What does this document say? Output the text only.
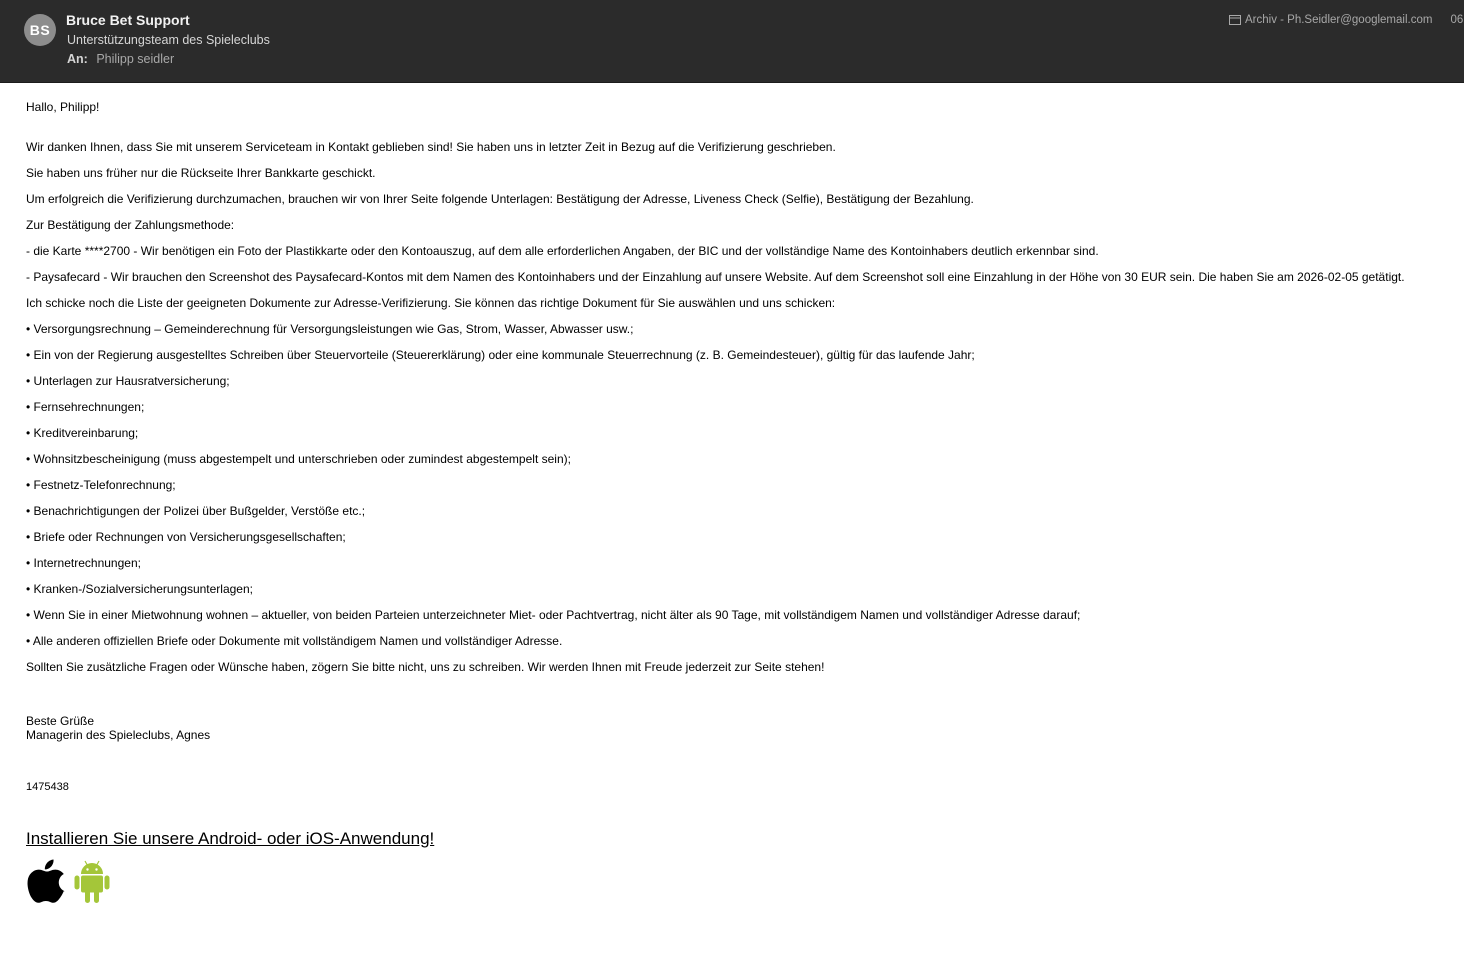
BS
Bruce Bet Support
Unterstützungsteam des Spieleclubs
An: Philipp seidler
Archiv - Ph.Seidler@googlemail.com 06

Hallo, Philipp!

Wir danken Ihnen, dass Sie mit unserem Serviceteam in Kontakt geblieben sind! Sie haben uns in letzter Zeit in Bezug auf die Verifizierung geschrieben.

Sie haben uns früher nur die Rückseite Ihrer Bankkarte geschickt.

Um erfolgreich die Verifizierung durchzumachen, brauchen wir von Ihrer Seite folgende Unterlagen: Bestätigung der Adresse, Liveness Check (Selfie), Bestätigung der Bezahlung.

Zur Bestätigung der Zahlungsmethode:

- die Karte ****2700 - Wir benötigen ein Foto der Plastikkarte oder den Kontoauszug, auf dem alle erforderlichen Angaben, der BIC und der vollständige Name des Kontoinhabers deutlich erkennbar sind.

- Paysafecard - Wir brauchen den Screenshot des Paysafecard-Kontos mit dem Namen des Kontoinhabers und der Einzahlung auf unsere Website. Auf dem Screenshot soll eine Einzahlung in der Höhe von 30 EUR sein. Die haben Sie am 2026-02-05 getätigt.

Ich schicke noch die Liste der geeigneten Dokumente zur Adresse-Verifizierung. Sie können das richtige Dokument für Sie auswählen und uns schicken:

• Versorgungsrechnung – Gemeinderechnung für Versorgungsleistungen wie Gas, Strom, Wasser, Abwasser usw.;

• Ein von der Regierung ausgestelltes Schreiben über Steuervorteile (Steuererklärung) oder eine kommunale Steuerrechnung (z. B. Gemeindesteuer), gültig für das laufende Jahr;

• Unterlagen zur Hausratversicherung;

• Fernsehrechnungen;

• Kreditvereinbarung;

• Wohnsitzbescheinigung (muss abgestempelt und unterschrieben oder zumindest abgestempelt sein);

• Festnetz-Telefonrechnung;

• Benachrichtigungen der Polizei über Bußgelder, Verstöße etc.;

• Briefe oder Rechnungen von Versicherungsgesellschaften;

• Internetrechnungen;

• Kranken-/Sozialversicherungsunterlagen;

• Wenn Sie in einer Mietwohnung wohnen – aktueller, von beiden Parteien unterzeichneter Miet- oder Pachtvertrag, nicht älter als 90 Tage, mit vollständigem Namen und vollständiger Adresse darauf;

• Alle anderen offiziellen Briefe oder Dokumente mit vollständigem Namen und vollständiger Adresse.

Sollten Sie zusätzliche Fragen oder Wünsche haben, zögern Sie bitte nicht, uns zu schreiben. Wir werden Ihnen mit Freude jederzeit zur Seite stehen!

Beste Grüße
Managerin des Spieleclubs, Agnes
1475438
Installieren Sie unsere Android- oder iOS-Anwendung!
